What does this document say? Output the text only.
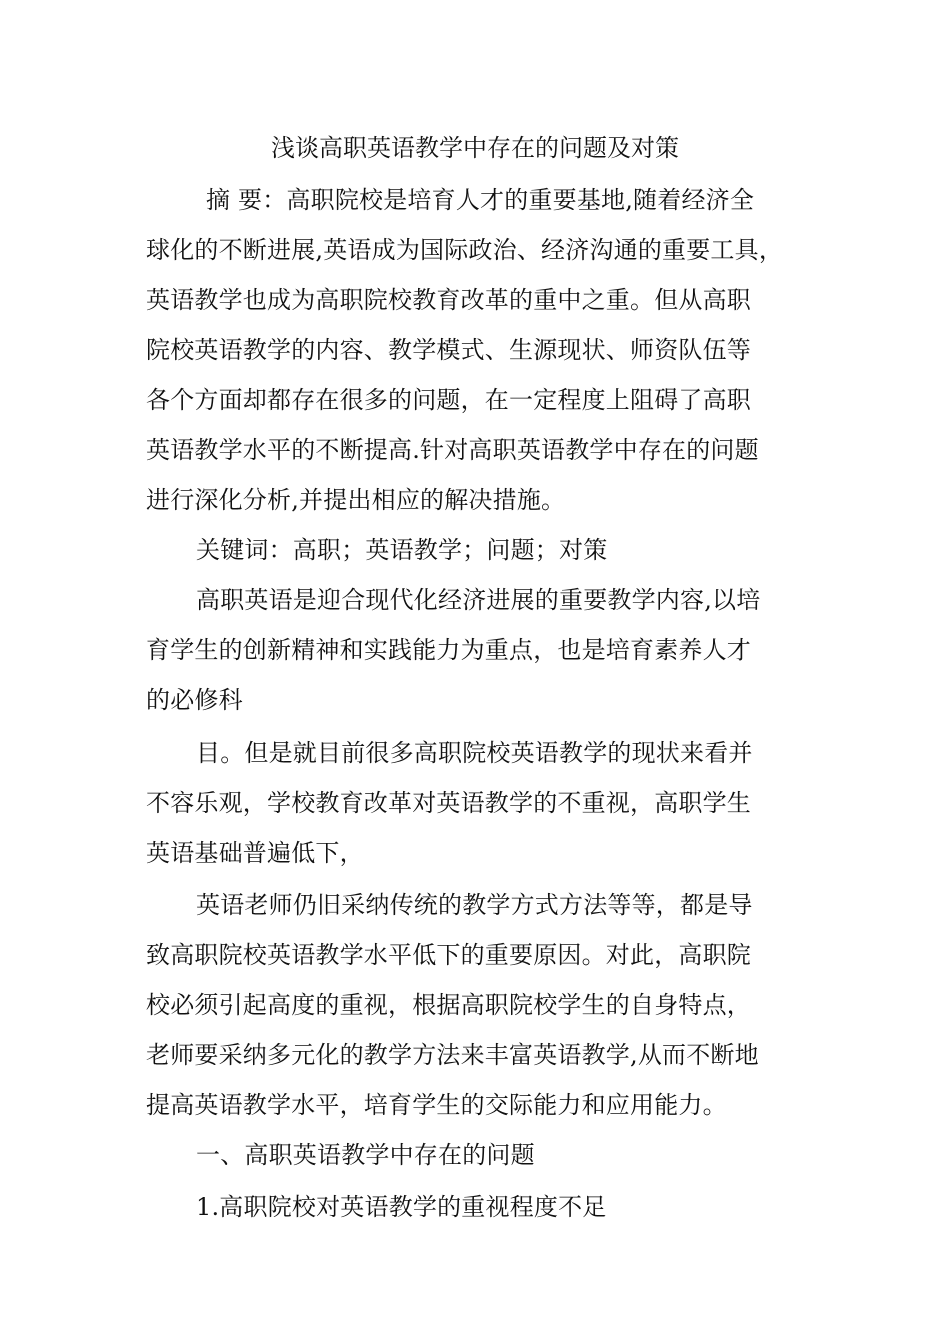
浅谈高职英语教学中存在的问题及对策
摘 要：高职院校是培育人才的重要基地,随着经济全
球化的不断进展,英语成为国际政治、经济沟通的重要工具，
英语教学也成为高职院校教育改革的重中之重。但从高职
院校英语教学的内容、教学模式、生源现状、师资队伍等
各个方面却都存在很多的问题，在一定程度上阻碍了高职
英语教学水平的不断提高.针对高职英语教学中存在的问题
进行深化分析,并提出相应的解决措施。
关键词：高职；英语教学；问题；对策
高职英语是迎合现代化经济进展的重要教学内容,以培
育学生的创新精神和实践能力为重点，也是培育素养人才
的必修科
目。但是就目前很多高职院校英语教学的现状来看并
不容乐观，学校教育改革对英语教学的不重视，高职学生
英语基础普遍低下，
英语老师仍旧采纳传统的教学方式方法等等，都是导
致高职院校英语教学水平低下的重要原因。对此，高职院
校必须引起高度的重视，根据高职院校学生的自身特点，
老师要采纳多元化的教学方法来丰富英语教学,从而不断地
提高英语教学水平，培育学生的交际能力和应用能力。
一、高职英语教学中存在的问题
1.高职院校对英语教学的重视程度不足
